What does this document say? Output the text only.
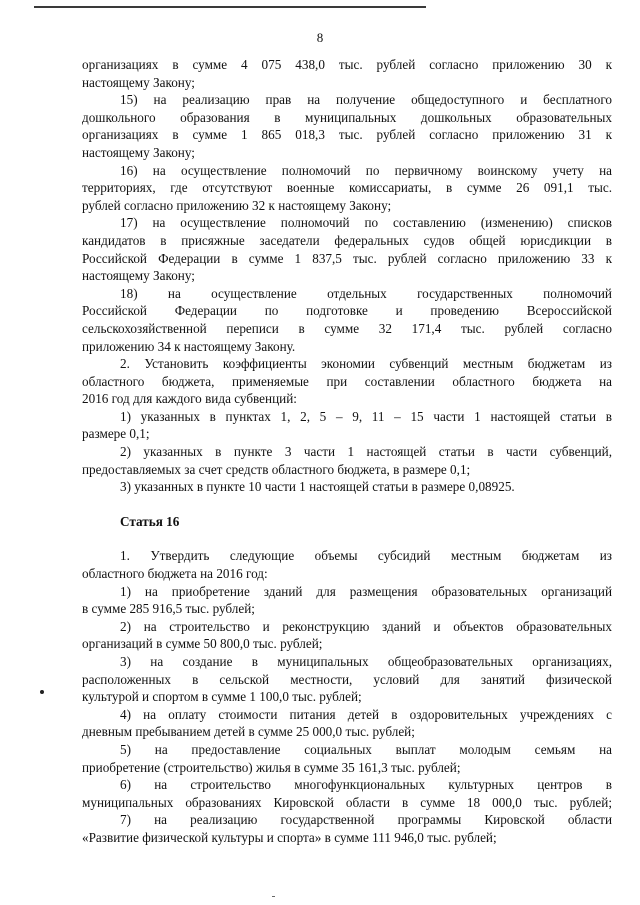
8
организациях в сумме 4 075 438,0 тыс. рублей согласно приложению 30 к
настоящему Закону;
15) на реализацию прав на получение общедоступного и бесплатного
дошкольного образования в муниципальных дошкольных образовательных
организациях в сумме 1 865 018,3 тыс. рублей согласно приложению 31 к
настоящему Закону;
16) на осуществление полномочий по первичному воинскому учету на
территориях, где отсутствуют военные комиссариаты, в сумме 26 091,1 тыс.
рублей согласно приложению 32 к настоящему Закону;
17) на осуществление полномочий по составлению (изменению) списков
кандидатов в присяжные заседатели федеральных судов общей юрисдикции в
Российской Федерации в сумме 1 837,5 тыс. рублей согласно приложению 33 к
настоящему Закону;
18) на осуществление отдельных государственных полномочий
Российской Федерации по подготовке и проведению Всероссийской
сельскохозяйственной переписи в сумме 32 171,4 тыс. рублей согласно
приложению 34 к настоящему Закону.
2. Установить коэффициенты экономии субвенций местным бюджетам из
областного бюджета, применяемые при составлении областного бюджета на
2016 год для каждого вида субвенций:
1) указанных в пунктах 1, 2, 5 – 9, 11 – 15 части 1 настоящей статьи в
размере 0,1;
2) указанных в пункте 3 части 1 настоящей статьи в части субвенций,
предоставляемых за счет средств областного бюджета, в размере 0,1;
3) указанных в пункте 10 части 1 настоящей статьи в размере 0,08925.
Статья 16
1. Утвердить следующие объемы субсидий местным бюджетам из
областного бюджета на 2016 год:
1) на приобретение зданий для размещения образовательных организаций
в сумме 285 916,5 тыс. рублей;
2) на строительство и реконструкцию зданий и объектов образовательных
организаций в сумме 50 800,0 тыс. рублей;
3) на создание в муниципальных общеобразовательных организациях,
расположенных в сельской местности, условий для занятий физической
культурой и спортом в сумме 1 100,0 тыс. рублей;
4) на оплату стоимости питания детей в оздоровительных учреждениях с
дневным пребыванием детей в сумме 25 000,0 тыс. рублей;
5) на предоставление социальных выплат молодым семьям на
приобретение (строительство) жилья в сумме 35 161,3 тыс. рублей;
6) на строительство многофункциональных культурных центров в
муниципальных образованиях Кировской области в сумме 18 000,0 тыс. рублей;
7) на реализацию государственной программы Кировской области
«Развитие физической культуры и спорта» в сумме 111 946,0 тыс. рублей;
